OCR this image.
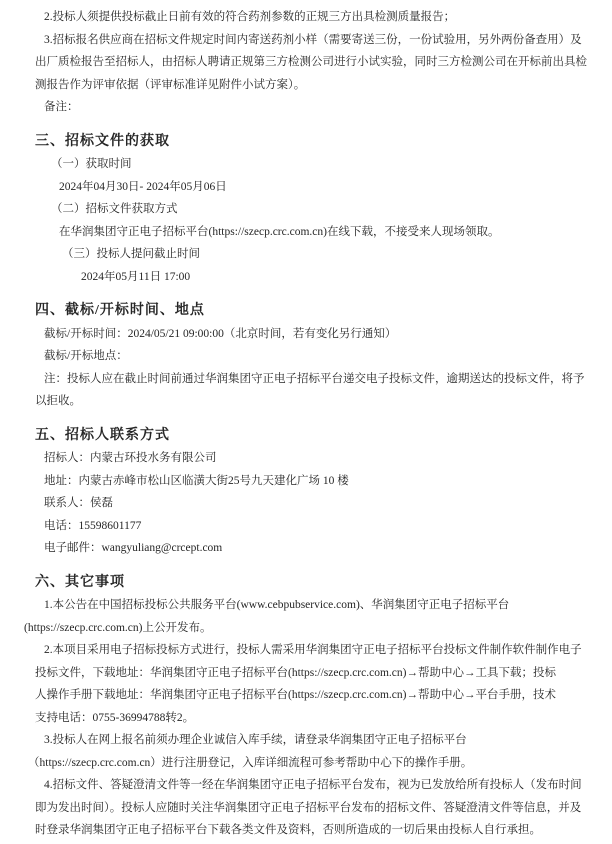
2.投标人须提供投标截止日前有效的符合药剂参数的正规三方出具检测质量报告；
3.招标报名供应商在招标文件规定时间内寄送药剂小样（需要寄送三份，一份试验用，另外两份备查用）及
出厂质检报告至招标人，由招标人聘请正规第三方检测公司进行小试实验，同时三方检测公司在开标前出具检
测报告作为评审依据（评审标准详见附件小试方案）。
备注：
三、招标文件的获取
（一）获取时间
2024年04月30日- 2024年05月06日
（二）招标文件获取方式
在华润集团守正电子招标平台(https://szecp.crc.com.cn)在线下载，不接受来人现场领取。
（三）投标人提问截止时间
2024年05月11日 17:00
四、截标/开标时间、地点
截标/开标时间：2024/05/21 09:00:00（北京时间，若有变化另行通知）
截标/开标地点：
注：投标人应在截止时间前通过华润集团守正电子招标平台递交电子投标文件，逾期送达的投标文件，将予
以拒收。
五、招标人联系方式
招标人：内蒙古环投水务有限公司
地址：内蒙古赤峰市松山区临潢大街25号九天建化广场 10 楼
联系人：侯磊
电话：15598601177
电子邮件：wangyuliang@crcept.com
六、其它事项
1.本公告在中国招标投标公共服务平台(www.cebpubservice.com)、华润集团守正电子招标平台
(https://szecp.crc.com.cn)上公开发布。
2.本项目采用电子招标投标方式进行，投标人需采用华润集团守正电子招标平台投标文件制作软件制作电子
投标文件，下载地址：华润集团守正电子招标平台(https://szecp.crc.com.cn)→帮助中心→工具下载；投标
人操作手册下载地址：华润集团守正电子招标平台(https://szecp.crc.com.cn)→帮助中心→平台手册，技术
支持电话：0755-36994788转2。
3.投标人在网上报名前须办理企业诚信入库手续，请登录华润集团守正电子招标平台
（https://szecp.crc.com.cn）进行注册登记，入库详细流程可参考帮助中心下的操作手册。
4.招标文件、答疑澄清文件等一经在华润集团守正电子招标平台发布，视为已发放给所有投标人（发布时间
即为发出时间）。投标人应随时关注华润集团守正电子招标平台发布的招标文件、答疑澄清文件等信息，并及
时登录华润集团守正电子招标平台下载各类文件及资料，否则所造成的一切后果由投标人自行承担。
